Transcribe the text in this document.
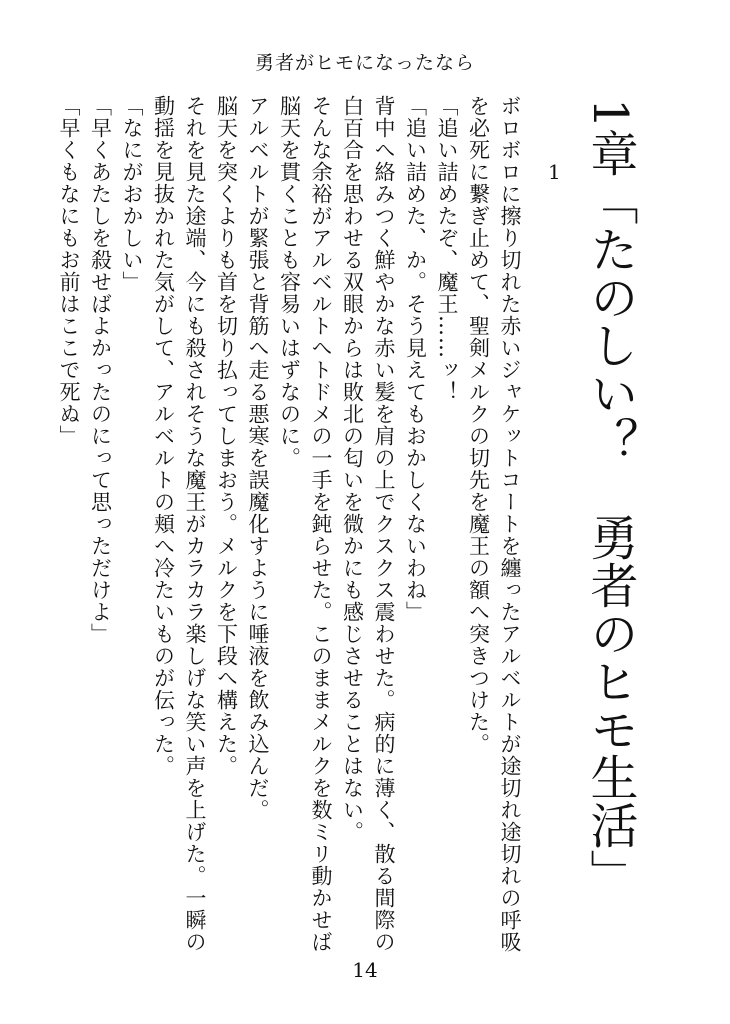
勇者がヒモになったなら
1章「たのしい？　勇者のヒモ生活」
1

ボロボロに擦り切れた赤いジャケットコートを纏ったアルベルトが途切れ途切れの呼吸

を必死に繋ぎ止めて、聖剣メルクの切先を魔王の額へ突きつけた。

「追い詰めたぞ、魔王……ッ！

「追い詰めた、か。そう見えてもおかしくないわね」

背中へ絡みつく鮮やかな赤い髪を肩の上でクスクス震わせた。病的に薄く、散る間際の

白百合を思わせる双眼からは敗北の匂いを微かにも感じさせることはない。

そんな余裕がアルベルトへトドメの一手を鈍らせた。このままメルクを数ミリ動かせば

脳天を貫くことも容易いはずなのに。

アルベルトが緊張と背筋へ走る悪寒を誤魔化すように唾液を飲み込んだ。

脳天を突くよりも首を切り払ってしまおう。メルクを下段へ構えた。

それを見た途端、今にも殺されそうな魔王がカラカラ楽しげな笑い声を上げた。一瞬の

動揺を見抜かれた気がして、アルベルトの頬へ冷たいものが伝った。

「なにがおかしい」

「早くあたしを殺せばよかったのにって思っただけよ」

「早くもなにもお前はここで死ぬ」

14
